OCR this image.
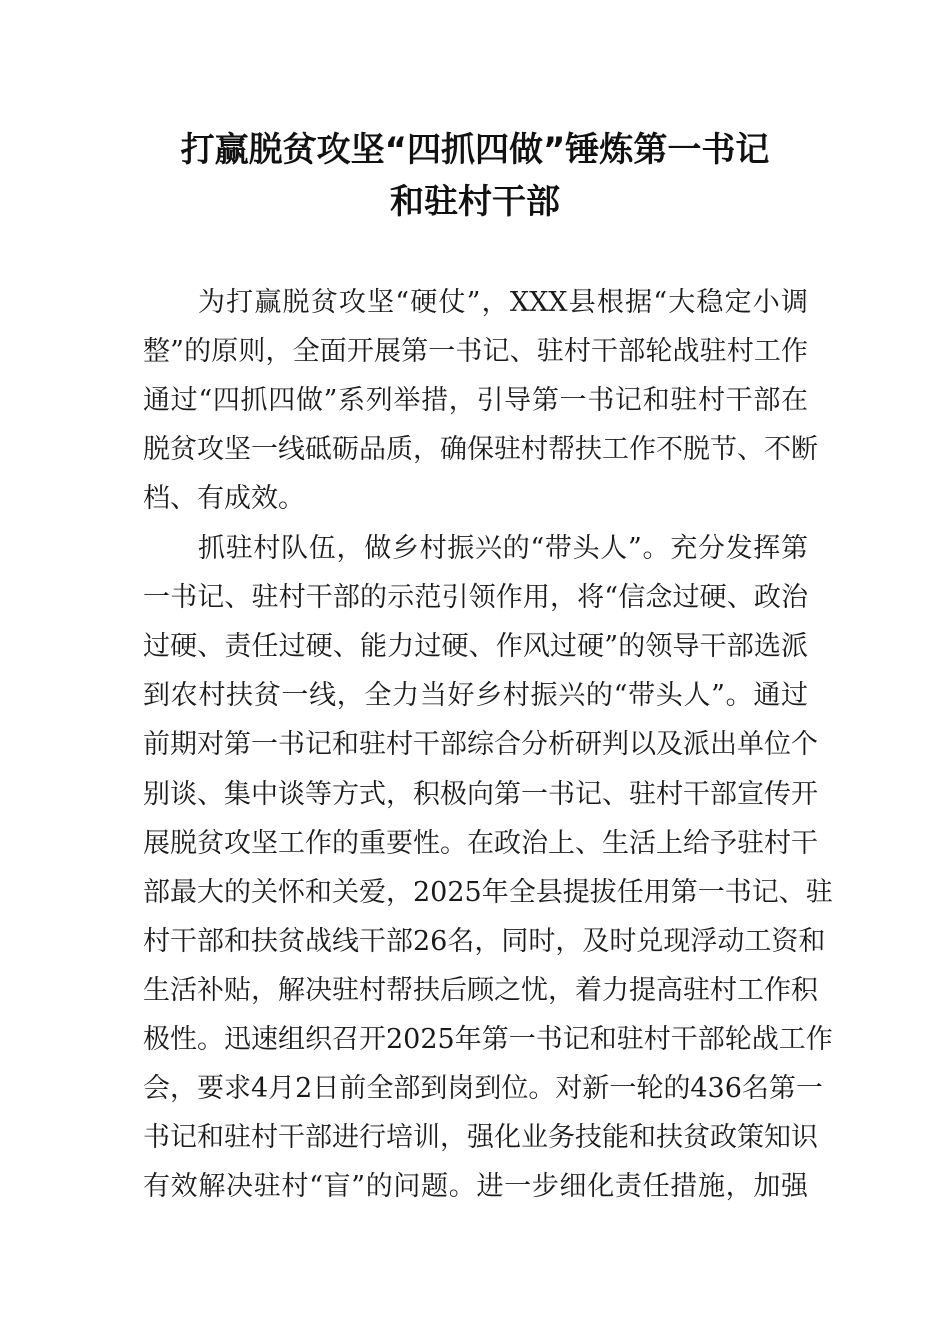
打赢脱贫攻坚“四抓四做”锤炼第一书记
和驻村干部
为打赢脱贫攻坚“硬仗”，XXX县根据“大稳定小调
整”的原则，全面开展第一书记、驻村干部轮战驻村工作
通过“四抓四做”系列举措，引导第一书记和驻村干部在
脱贫攻坚一线砥砺品质，确保驻村帮扶工作不脱节、不断
档、有成效。
抓驻村队伍，做乡村振兴的“带头人”。充分发挥第
一书记、驻村干部的示范引领作用，将“信念过硬、政治
过硬、责任过硬、能力过硬、作风过硬”的领导干部选派
到农村扶贫一线，全力当好乡村振兴的“带头人”。通过
前期对第一书记和驻村干部综合分析研判以及派出单位个
别谈、集中谈等方式，积极向第一书记、驻村干部宣传开
展脱贫攻坚工作的重要性。在政治上、生活上给予驻村干
部最大的关怀和关爱，2025年全县提拔任用第一书记、驻
村干部和扶贫战线干部26名，同时，及时兑现浮动工资和
生活补贴，解决驻村帮扶后顾之忧，着力提高驻村工作积
极性。迅速组织召开2025年第一书记和驻村干部轮战工作
会，要求4月2日前全部到岗到位。对新一轮的436名第一
书记和驻村干部进行培训，强化业务技能和扶贫政策知识
有效解决驻村“盲”的问题。进一步细化责任措施，加强
